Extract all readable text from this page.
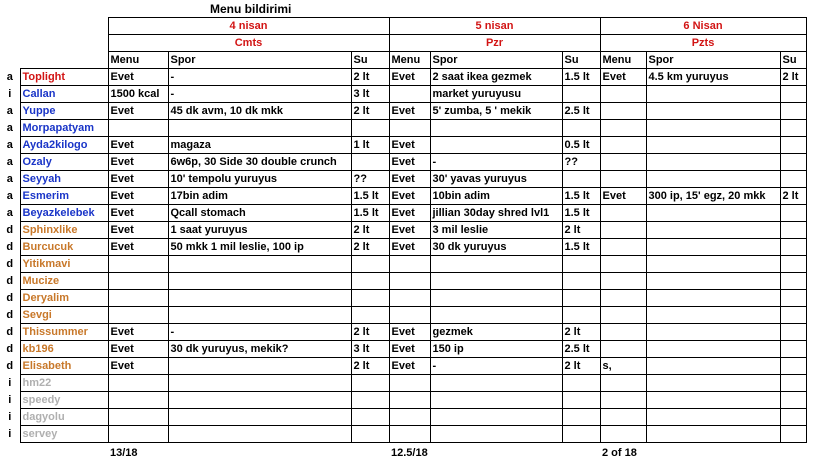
Menu bildirimi
		4 nisan			5 nisan			6 Nisan		
		Cmts			Pzr			Pzts		
		Menu	Spor	Su	Menu	Spor	Su	Menu	Spor	Su
a	Toplight	Evet	-	2 lt	Evet	2 saat ikea gezmek	1.5 lt	Evet	4.5 km yuruyus	2 lt
i	Callan	1500 kcal	-	3 lt		market yuruyusu				
a	Yuppe	Evet	45 dk avm, 10 dk mkk	2 lt	Evet	5' zumba, 5 ' mekik	2.5 lt			
a	Morpapatyam									
a	Ayda2kilogo	Evet	magaza	1 lt	Evet		0.5 lt			
a	Ozaly	Evet	6w6p, 30 Side 30 double crunch		Evet	-	??			
a	Seyyah	Evet	10' tempolu yuruyus	??	Evet	30' yavas yuruyus				
a	Esmerim	Evet	17bin adim	1.5 lt	Evet	10bin adim	1.5 lt	Evet	300 ip, 15' egz, 20 mkk	2 lt
a	Beyazkelebek	Evet	Qcall stomach	1.5 lt	Evet	jillian 30day shred lvl1	1.5 lt			
d	Sphinxlike	Evet	1 saat yuruyus	2 lt	Evet	3 mil leslie	2 lt			
d	Burcucuk	Evet	50 mkk 1 mil leslie, 100 ip	2 lt	Evet	30 dk yuruyus	1.5 lt			
d	Yitikmavi									
d	Mucize									
d	Deryalim									
d	Sevgi									
d	Thissummer	Evet	-	2 lt	Evet	gezmek	2 lt			
d	kb196	Evet	30 dk yuruyus, mekik?	3 lt	Evet	150 ip	2.5 lt			
d	Elisabeth	Evet		2 lt	Evet	-	2 lt	s,		
i	hm22									
i	speedy									
i	dagyolu									
i	servey									
		13/18			12.5/18			2 of 18		
